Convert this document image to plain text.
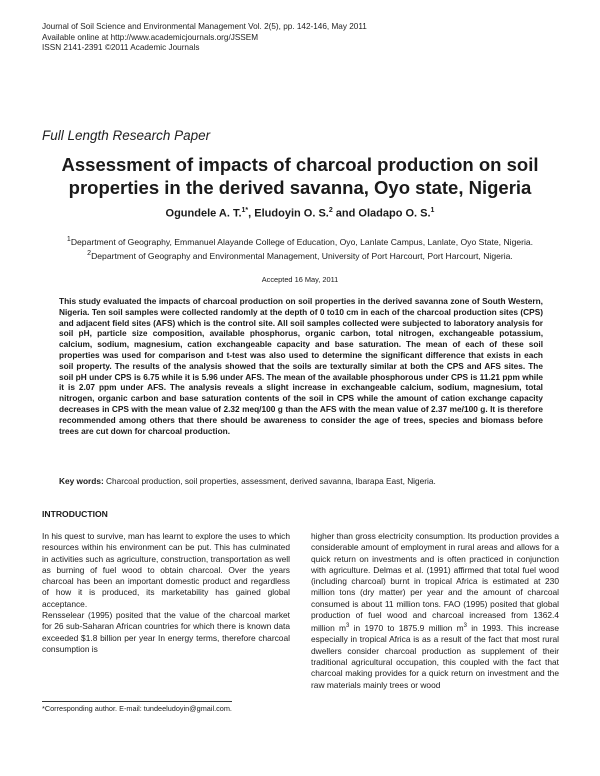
Journal of Soil Science and Environmental Management Vol. 2(5), pp. 142-146, May 2011
Available online at http://www.academicjournals.org/JSSEM
ISSN 2141-2391 ©2011 Academic Journals
Full Length Research Paper
Assessment of impacts of charcoal production on soil properties in the derived savanna, Oyo state, Nigeria
Ogundele A. T.$^{1*}$, Eludoyin O. S.$^2$ and Oladapo O. S.$^1$
$^1$Department of Geography, Emmanuel Alayande College of Education, Oyo, Lanlate Campus, Lanlate, Oyo State, Nigeria.
$^2$Department of Geography and Environmental Management, University of Port Harcourt, Port Harcourt, Nigeria.
Accepted 16 May, 2011

This study evaluated the impacts of charcoal production on soil properties in the derived savanna zone of South Western, Nigeria. Ten soil samples were collected randomly at the depth of 0 to10 cm in each of the charcoal production sites (CPS) and adjacent field sites (AFS) which is the control site. All soil samples collected were subjected to laboratory analysis for soil pH, particle size composition, available phosphorus, organic carbon, total nitrogen, exchangeable potassium, calcium, sodium, magnesium, cation exchangeable capacity and base saturation. The mean of each of these soil properties was used for comparison and t-test was also used to determine the significant difference that exists in each soil property. The results of the analysis showed that the soils are texturally similar at both the CPS and AFS sites. The soil pH under CPS is 6.75 while it is 5.96 under AFS. The mean of the available phosphorous under CPS is 11.21 ppm while it is 2.07 ppm under AFS. The analysis reveals a slight increase in exchangeable calcium, sodium, magnesium, total nitrogen, organic carbon and base saturation contents of the soil in CPS while the amount of cation exchange capacity decreases in CPS with the mean value of 2.32 meq/100 g than the AFS with the mean value of 2.37 me/100 g. It is therefore recommended among others that there should be awareness to consider the age of trees, species and biomass before trees are cut down for charcoal production.

Key words: Charcoal production, soil properties, assessment, derived savanna, Ibarapa East, Nigeria.

INTRODUCTION

In his quest to survive, man has learnt to explore the uses to which resources within his environment can be put. This has culminated in activities such as agriculture, construction, transportation as well as burning of fuel wood to obtain charcoal. Over the years charcoal has been an important domestic product and regardless of how it is produced, its marketability has gained global acceptance.

Rensselear (1995) posited that the value of the charcoal market for 26 sub-Saharan African countries for which there is known data exceeded $1.8 billion per year In energy terms, therefore charcoal consumption is

higher than gross electricity consumption. Its production provides a considerable amount of employment in rural areas and allows for a quick return on investments and is often practiced in conjunction with agriculture. Delmas et al. (1991) affirmed that total fuel wood (including charcoal) burnt in tropical Africa is estimated at 230 million tons (dry matter) per year and the amount of charcoal consumed is about 11 million tons. FAO (1995) posited that global production of fuel wood and charcoal increased from 1362.4 million $m^3$ in 1970 to 1875.9 million $m^3$ in 1993. This increase especially in tropical Africa is as a result of the fact that most rural dwellers consider charcoal production as supplement of their traditional agricultural occupation, this coupled with the fact that charcoal making provides for a quick return on investment and the raw materials mainly trees or wood

*Corresponding author. E-mail: tundeeludoyin@gmail.com.
